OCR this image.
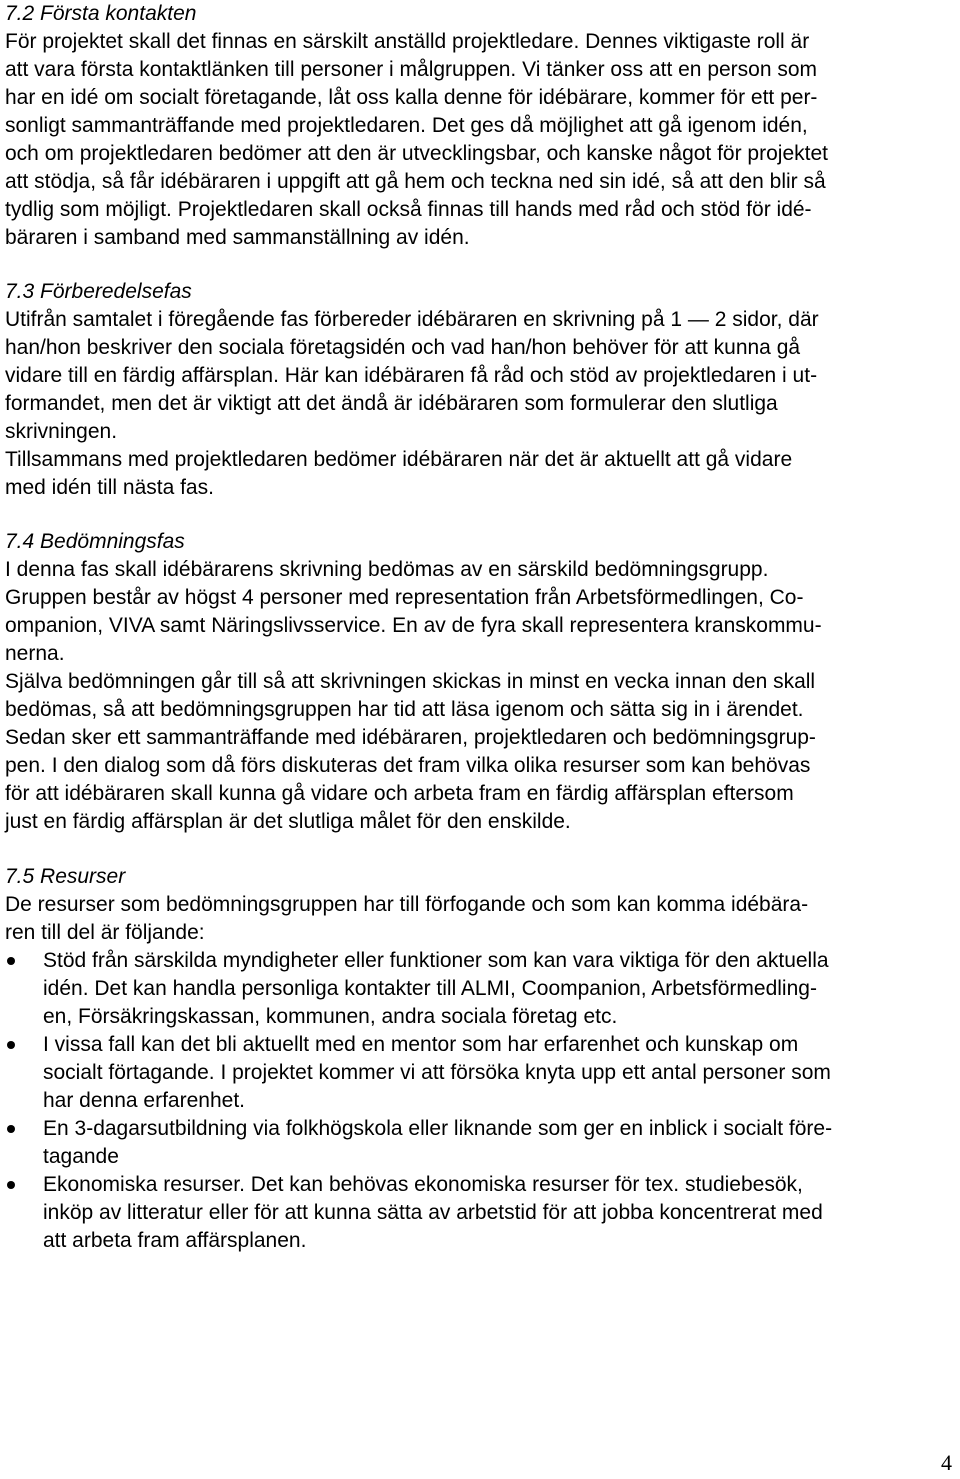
7.2 Första kontakten

För projektet skall det finnas en särskilt anställd projektledare. Dennes viktigaste roll är
att vara första kontaktlänken till personer i målgruppen. Vi tänker oss att en person som
har en idé om socialt företagande, låt oss kalla denne för idébärare, kommer för ett per-
sonligt sammanträffande med projektledaren. Det ges då möjlighet att gå igenom idén,
och om projektledaren bedömer att den är utvecklingsbar, och kanske något för projektet
att stödja, så får idébäraren i uppgift att gå hem och teckna ned sin idé, så att den blir så
tydlig som möjligt. Projektledaren skall också finnas till hands med råd och stöd för idé-
bäraren i samband med sammanställning av idén.

7.3 Förberedelsefas

Utifrån samtalet i föregående fas förbereder idébäraren en skrivning på 1 — 2 sidor, där
han/hon beskriver den sociala företagsidén och vad han/hon behöver för att kunna gå
vidare till en färdig affärsplan. Här kan idébäraren få råd och stöd av projektledaren i ut-
formandet, men det är viktigt att det ändå är idébäraren som formulerar den slutliga
skrivningen.

Tillsammans med projektledaren bedömer idébäraren när det är aktuellt att gå vidare
med idén till nästa fas.

7.4 Bedömningsfas

I denna fas skall idébärarens skrivning bedömas av en särskild bedömningsgrupp.

Gruppen består av högst 4 personer med representation från Arbetsförmedlingen, Co-
ompanion, VIVA samt Näringslivsservice. En av de fyra skall representera kranskommu-
nerna.

Själva bedömningen går till så att skrivningen skickas in minst en vecka innan den skall
bedömas, så att bedömningsgruppen har tid att läsa igenom och sätta sig in i ärendet.

Sedan sker ett sammanträffande med idébäraren, projektledaren och bedömningsgrup-
pen. I den dialog som då förs diskuteras det fram vilka olika resurser som kan behövas
för att idébäraren skall kunna gå vidare och arbeta fram en färdig affärsplan eftersom
just en färdig affärsplan är det slutliga målet för den enskilde.

7.5 Resurser

De resurser som bedömningsgruppen har till förfogande och som kan komma idébära-
ren till del är följande:

Stöd från särskilda myndigheter eller funktioner som kan vara viktiga för den aktuella
idén. Det kan handla personliga kontakter till ALMI, Coompanion, Arbetsförmedling-
en, Försäkringskassan, kommunen, andra sociala företag etc.
I vissa fall kan det bli aktuellt med en mentor som har erfarenhet och kunskap om
socialt förtagande. I projektet kommer vi att försöka knyta upp ett antal personer som
har denna erfarenhet.
En 3-dagarsutbildning via folkhögskola eller liknande som ger en inblick i socialt före-
tagande
Ekonomiska resurser. Det kan behövas ekonomiska resurser för tex. studiebesök,
inköp av litteratur eller för att kunna sätta av arbetstid för att jobba koncentrerat med
att arbeta fram affärsplanen.
4
